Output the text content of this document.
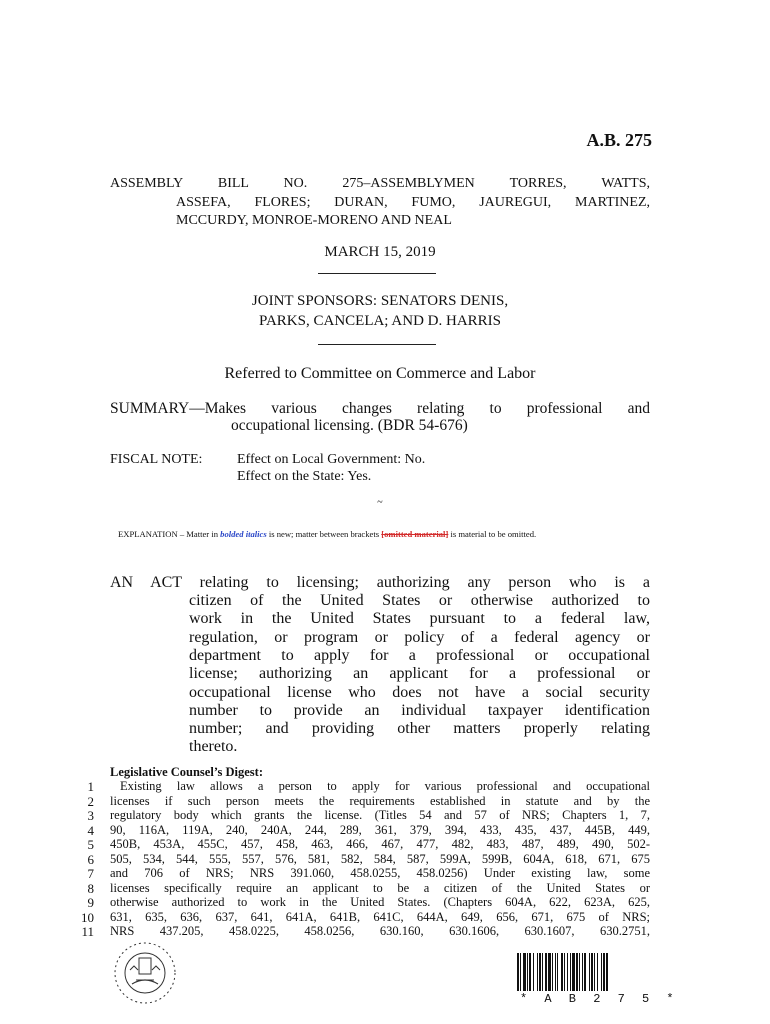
A.B. 275
ASSEMBLY BILL NO. 275–ASSEMBLYMEN TORRES, WATTS,
ASSEFA, FLORES; DURAN, FUMO, JAUREGUI, MARTINEZ,
MCCURDY, MONROE-MORENO AND NEAL
MARCH 15, 2019
JOINT SPONSORS: SENATORS DENIS,
PARKS, CANCELA; AND D. HARRIS
Referred to Committee on Commerce and Labor
SUMMARY—Makes various changes relating to professional and
occupational licensing. (BDR 54-676)
FISCAL NOTE: Effect on Local Government: No.
Effect on the State: Yes.
~
EXPLANATION – Matter in bolded italics is new; matter between brackets [omitted material] is material to be omitted.
AN ACT relating to licensing; authorizing any person who is a
citizen of the United States or otherwise authorized to
work in the United States pursuant to a federal law,
regulation, or program or policy of a federal agency or
department to apply for a professional or occupational
license; authorizing an applicant for a professional or
occupational license who does not have a social security
number to provide an individual taxpayer identification
number; and providing other matters properly relating
thereto.
Legislative Counsel’s Digest:
1 Existing law allows a person to apply for various professional and occupational
2 licenses if such person meets the requirements established in statute and by the
3 regulatory body which grants the license. (Titles 54 and 57 of NRS; Chapters 1, 7,
4 90, 116A, 119A, 240, 240A, 244, 289, 361, 379, 394, 433, 435, 437, 445B, 449,
5 450B, 453A, 455C, 457, 458, 463, 466, 467, 477, 482, 483, 487, 489, 490, 502-
6 505, 534, 544, 555, 557, 576, 581, 582, 584, 587, 599A, 599B, 604A, 618, 671, 675
7 and 706 of NRS; NRS 391.060, 458.0255, 458.0256) Under existing law, some
8 licenses specifically require an applicant to be a citizen of the United States or
9 otherwise authorized to work in the United States. (Chapters 604A, 622, 623A, 625,
10 631, 635, 636, 637, 641, 641A, 641B, 641C, 644A, 649, 656, 671, 675 of NRS;
11 NRS 437.205, 458.0225, 458.0256, 630.160, 630.1606, 630.1607, 630.2751,
* A B 2 7 5 *
